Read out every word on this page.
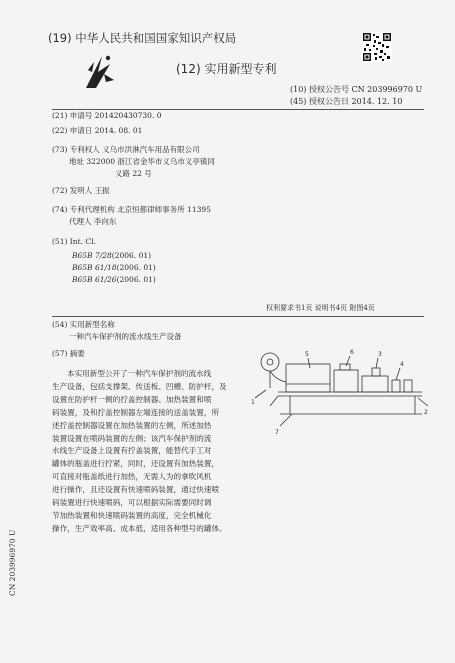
(19) 中华人民共和国国家知识产权局
(12) 实用新型专利
(10) 授权公告号 CN 203996970 U
(45) 授权公告日 2014. 12. 10
(21) 申请号 201420430730. 0
(22) 申请日 2014. 08. 01
(73) 专利权人 义乌市洪淋汽车用品有限公司
地址 322000 浙江省金华市义乌市义亭镇同
义路 22 号
(72) 发明人 王振
(74) 专利代理机构 北京恒都律师事务所 11395
代理人 李向东
(51) Int. Cl.
B65B 7/28(2006. 01)
B65B 61/18(2006. 01)
B65B 61/26(2006. 01)
权利要求书1页 说明书4页 附图4页
(54) 实用新型名称
一种汽车保护剂的流水线生产设备
(57) 摘要
本实用新型公开了一种汽车保护剂的流水线
生产设备，包括支撑架、传送板、凹槽、防护杆，及
设置在防护杆一侧的拧盖控制器、加热装置和喷
码装置，及和拧盖控制器左端连接的送盖装置，所
述拧盖控制器设置在加热装置的左侧，所述加热
装置设置在喷码装置的左侧；该汽车保护剂的流
水线生产设备上设置有拧盖装置，能替代手工对
罐体的瓶盖进行拧紧，同时，还设置有加热装置，
可直接对瓶盖纸进行加热，无需人为的拿吹风机
进行操作，且还设置有快速喷码装置，通过快速喷
码装置进行快速喷码，可以根据实际需要同时调
节加热装置和快速喷码装置的高度，完全机械化
操作，生产效率高、成本低，适用各种型号的罐体。
1
5	6	3
4
2
7
CN 203996970 U
